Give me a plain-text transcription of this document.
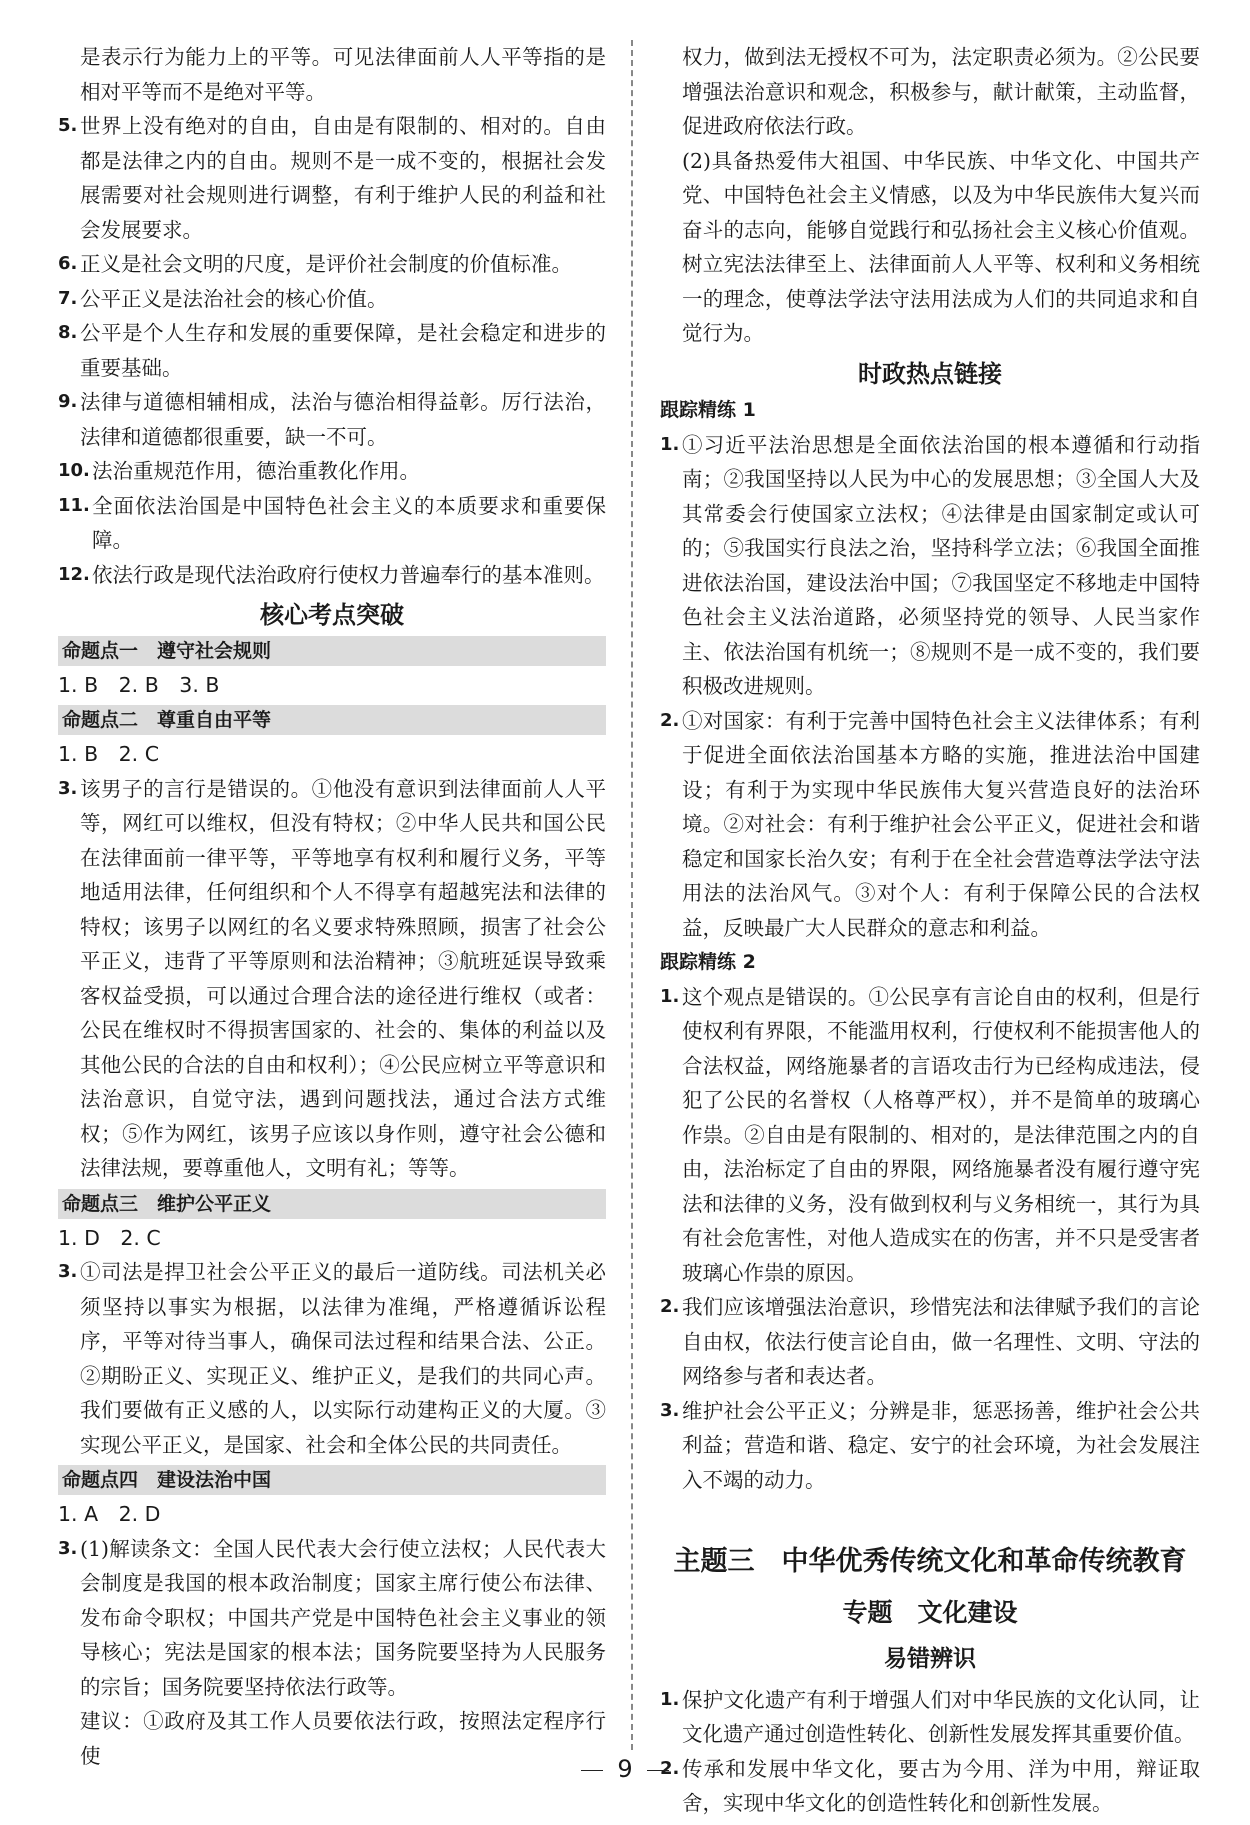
是表示行为能力上的平等。可见法律面前人人平等指的是相对平等而不是绝对平等。
5. 世界上没有绝对的自由，自由是有限制的、相对的。自由都是法律之内的自由。规则不是一成不变的，根据社会发展需要对社会规则进行调整，有利于维护人民的利益和社会发展要求。
6. 正义是社会文明的尺度，是评价社会制度的价值标准。
7. 公平正义是法治社会的核心价值。
8. 公平是个人生存和发展的重要保障，是社会稳定和进步的重要基础。
9. 法律与道德相辅相成，法治与德治相得益彰。厉行法治，法律和道德都很重要，缺一不可。
10. 法治重规范作用，德治重教化作用。
11. 全面依法治国是中国特色社会主义的本质要求和重要保障。
12. 依法行政是现代法治政府行使权力普遍奉行的基本准则。
核心考点突破
命题点一　遵守社会规则
1. B　2. B　3. B
命题点二　尊重自由平等
1. B　2. C
3. 该男子的言行是错误的。①他没有意识到法律面前人人平等，网红可以维权，但没有特权；②中华人民共和国公民在法律面前一律平等，平等地享有权利和履行义务，平等地适用法律，任何组织和个人不得享有超越宪法和法律的特权；该男子以网红的名义要求特殊照顾，损害了社会公平正义，违背了平等原则和法治精神；③航班延误导致乘客权益受损，可以通过合理合法的途径进行维权（或者：公民在维权时不得损害国家的、社会的、集体的利益以及其他公民的合法的自由和权利）；④公民应树立平等意识和法治意识，自觉守法，遇到问题找法，通过合法方式维权；⑤作为网红，该男子应该以身作则，遵守社会公德和法律法规，要尊重他人，文明有礼；等等。
命题点三　维护公平正义
1. D　2. C
3. ①司法是捍卫社会公平正义的最后一道防线。司法机关必须坚持以事实为根据，以法律为准绳，严格遵循诉讼程序，平等对待当事人，确保司法过程和结果合法、公正。②期盼正义、实现正义、维护正义，是我们的共同心声。我们要做有正义感的人，以实际行动建构正义的大厦。③实现公平正义，是国家、社会和全体公民的共同责任。
命题点四　建设法治中国
1. A　2. D
3. (1)解读条文：全国人民代表大会行使立法权；人民代表大会制度是我国的根本政治制度；国家主席行使公布法律、发布命令职权；中国共产党是中国特色社会主义事业的领导核心；宪法是国家的根本法；国务院要坚持为人民服务的宗旨；国务院要坚持依法行政等。
建议：①政府及其工作人员要依法行政，按照法定程序行使
权力，做到法无授权不可为，法定职责必须为。②公民要增强法治意识和观念，积极参与，献计献策，主动监督，促进政府依法行政。
(2)具备热爱伟大祖国、中华民族、中华文化、中国共产党、中国特色社会主义情感，以及为中华民族伟大复兴而奋斗的志向，能够自觉践行和弘扬社会主义核心价值观。树立宪法法律至上、法律面前人人平等、权利和义务相统一的理念，使尊法学法守法用法成为人们的共同追求和自觉行为。
时政热点链接
跟踪精练 1
1. ①习近平法治思想是全面依法治国的根本遵循和行动指南；②我国坚持以人民为中心的发展思想；③全国人大及其常委会行使国家立法权；④法律是由国家制定或认可的；⑤我国实行良法之治，坚持科学立法；⑥我国全面推进依法治国，建设法治中国；⑦我国坚定不移地走中国特色社会主义法治道路，必须坚持党的领导、人民当家作主、依法治国有机统一；⑧规则不是一成不变的，我们要积极改进规则。
2. ①对国家：有利于完善中国特色社会主义法律体系；有利于促进全面依法治国基本方略的实施，推进法治中国建设；有利于为实现中华民族伟大复兴营造良好的法治环境。②对社会：有利于维护社会公平正义，促进社会和谐稳定和国家长治久安；有利于在全社会营造尊法学法守法用法的法治风气。③对个人：有利于保障公民的合法权益，反映最广大人民群众的意志和利益。
跟踪精练 2
1. 这个观点是错误的。①公民享有言论自由的权利，但是行使权利有界限，不能滥用权利，行使权利不能损害他人的合法权益，网络施暴者的言语攻击行为已经构成违法，侵犯了公民的名誉权（人格尊严权），并不是简单的玻璃心作祟。②自由是有限制的、相对的，是法律范围之内的自由，法治标定了自由的界限，网络施暴者没有履行遵守宪法和法律的义务，没有做到权利与义务相统一，其行为具有社会危害性，对他人造成实在的伤害，并不只是受害者玻璃心作祟的原因。
2. 我们应该增强法治意识，珍惜宪法和法律赋予我们的言论自由权，依法行使言论自由，做一名理性、文明、守法的网络参与者和表达者。
3. 维护社会公平正义；分辨是非，惩恶扬善，维护社会公共利益；营造和谐、稳定、安宁的社会环境，为社会发展注入不竭的动力。
主题三　中华优秀传统文化和革命传统教育
专题　文化建设
易错辨识
1. 保护文化遗产有利于增强人们对中华民族的文化认同，让文化遗产通过创造性转化、创新性发展发挥其重要价值。
2. 传承和发展中华文化，要古为今用、洋为中用，辩证取舍，实现中华文化的创造性转化和创新性发展。
9
